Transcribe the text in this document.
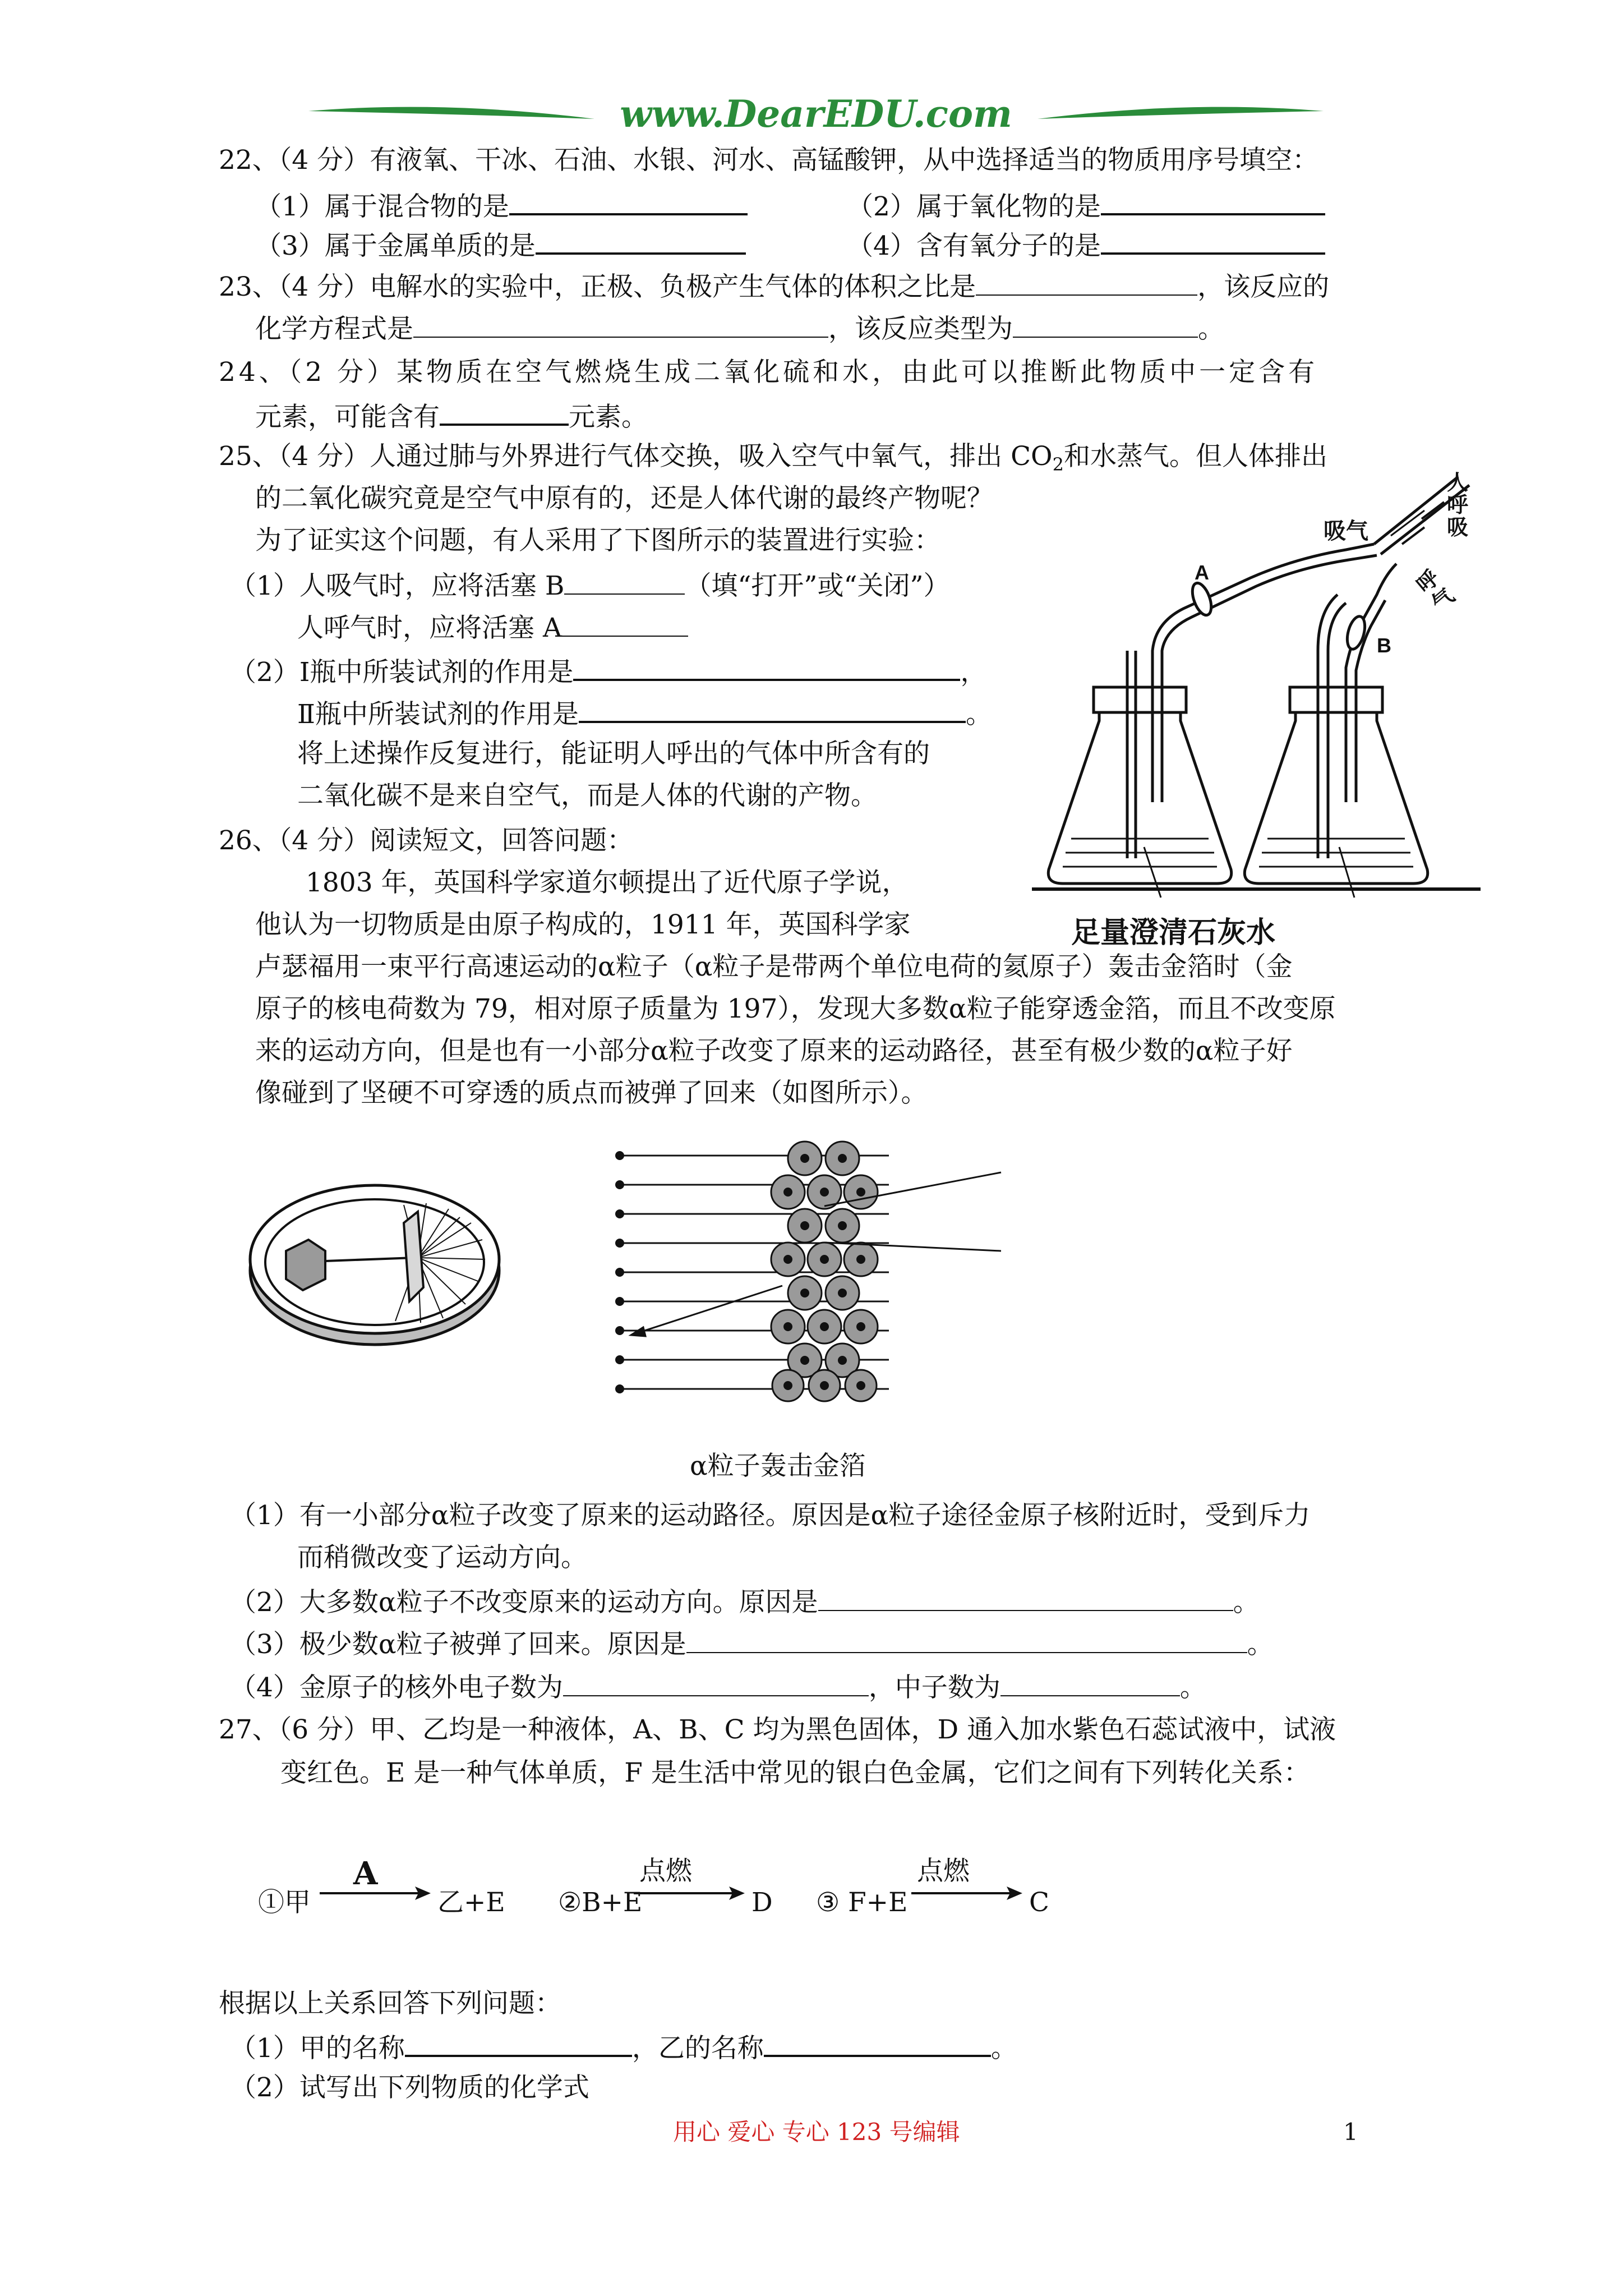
www.DearEDU.com
22、（4 分）有液氧、干冰、石油、水银、河水、高锰酸钾，从中选择适当的物质用序号填空：
（1）属于混合物的是	（2）属于氧化物的是
（3）属于金属单质的是	（4）含有氧分子的是
23、（4 分）电解水的实验中，正极、负极产生气体的体积之比是	，该反应的
化学方程式是	，该反应类型为	。
24、（2 分）某物质在空气燃烧生成二氧化硫和水，由此可以推断此物质中一定含有
元素，可能含有	元素。
25、（4 分）人通过肺与外界进行气体交换，吸入空气中氧气，排出 $CO_2$和水蒸气。但人体排出
的二氧化碳究竟是空气中原有的，还是人体代谢的最终产物呢？
为了证实这个问题，有人采用了下图所示的装置进行实验：
（1）人吸气时，应将活塞 B	（填“打开”或“关闭”）
人呼气时，应将活塞 A
（2）Ⅰ瓶中所装试剂的作用是	，
Ⅱ瓶中所装试剂的作用是	。
将上述操作反复进行，能证明人呼出的气体中所含有的
二氧化碳不是来自空气，而是人体的代谢的产物。
人呼吸
吸气
呼气
A
B
足量澄清石灰水
26、（4 分）阅读短文，回答问题：
1803 年，英国科学家道尔顿提出了近代原子学说，
他认为一切物质是由原子构成的，1911 年，英国科学家
卢瑟福用一束平行高速运动的α粒子（α粒子是带两个单位电荷的氦原子）轰击金箔时（金
原子的核电荷数为 79，相对原子质量为 197），发现大多数α粒子能穿透金箔，而且不改变原
来的运动方向，但是也有一小部分α粒子改变了原来的运动路径，甚至有极少数的α粒子好
像碰到了坚硬不可穿透的质点而被弹了回来（如图所示）。
α粒子轰击金箔
（1）有一小部分α粒子改变了原来的运动路径。原因是α粒子途径金原子核附近时，受到斥力
而稍微改变了运动方向。
（2）大多数α粒子不改变原来的运动方向。原因是	。
（3）极少数α粒子被弹了回来。原因是	。
（4）金原子的核外电子数为	，中子数为	。
27、（6 分）甲、乙均是一种液体，A、B、C 均为黑色固体，D 通入加水紫色石蕊试液中，试液
变红色。E 是一种气体单质，F 是生活中常见的银白色金属，它们之间有下列转化关系：
①甲
A
乙+E ②B+E
点燃
D ③ F+E
点燃
C
根据以上关系回答下列问题：
（1）甲的名称	，乙的名称	。
（2）试写出下列物质的化学式
用心 爱心 专心 123 号编辑	1
